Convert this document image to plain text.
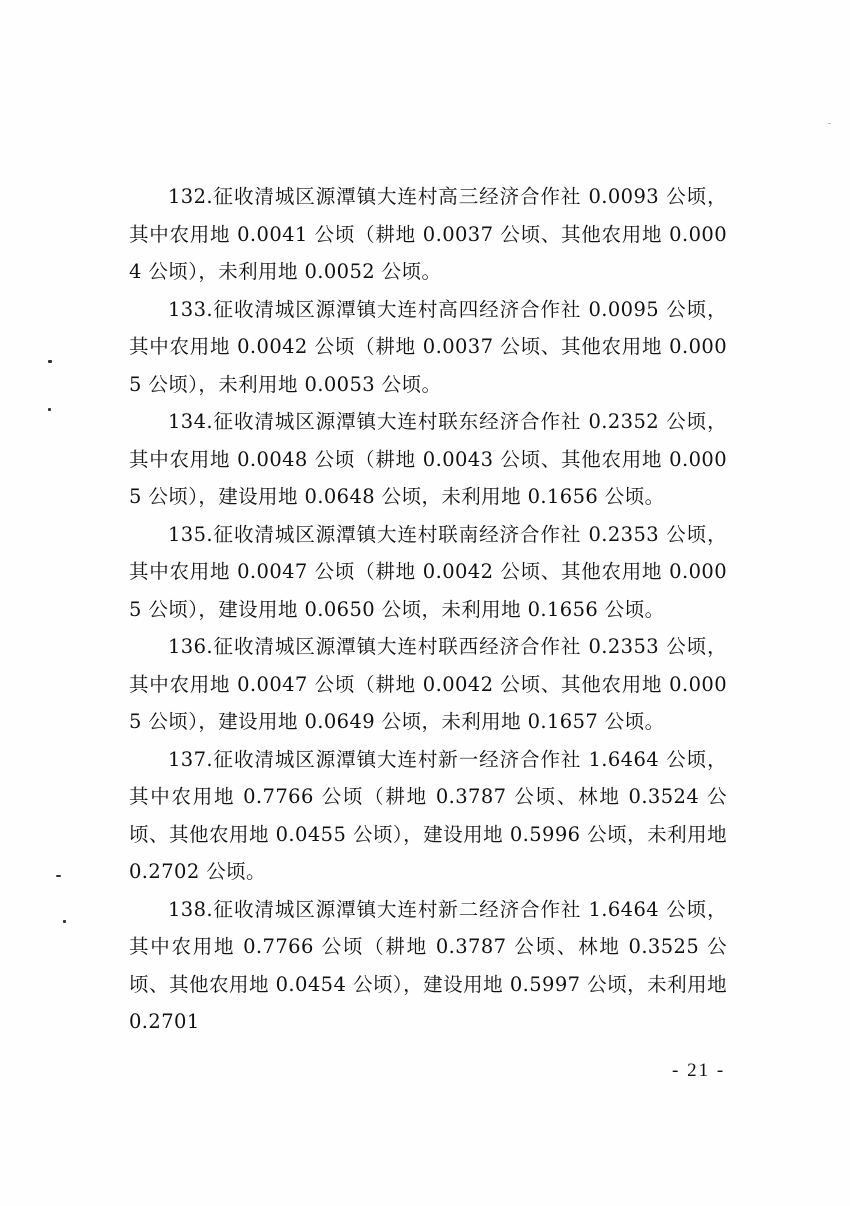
132.征收清城区源潭镇大连村高三经济合作社 0.0093 公顷，其中农用地 0.0041 公顷（耕地 0.0037 公顷、其他农用地 0.0004 公顷），未利用地 0.0052 公顷。

133.征收清城区源潭镇大连村高四经济合作社 0.0095 公顷，其中农用地 0.0042 公顷（耕地 0.0037 公顷、其他农用地 0.0005 公顷），未利用地 0.0053 公顷。

134.征收清城区源潭镇大连村联东经济合作社 0.2352 公顷，其中农用地 0.0048 公顷（耕地 0.0043 公顷、其他农用地 0.0005 公顷），建设用地 0.0648 公顷，未利用地 0.1656 公顷。

135.征收清城区源潭镇大连村联南经济合作社 0.2353 公顷，其中农用地 0.0047 公顷（耕地 0.0042 公顷、其他农用地 0.0005 公顷），建设用地 0.0650 公顷，未利用地 0.1656 公顷。

136.征收清城区源潭镇大连村联西经济合作社 0.2353 公顷，其中农用地 0.0047 公顷（耕地 0.0042 公顷、其他农用地 0.0005 公顷），建设用地 0.0649 公顷，未利用地 0.1657 公顷。

137.征收清城区源潭镇大连村新一经济合作社 1.6464 公顷，其中农用地 0.7766 公顷（耕地 0.3787 公顷、林地 0.3524 公顷、其他农用地 0.0455 公顷），建设用地 0.5996 公顷，未利用地 0.2702 公顷。

138.征收清城区源潭镇大连村新二经济合作社 1.6464 公顷，其中农用地 0.7766 公顷（耕地 0.3787 公顷、林地 0.3525 公顷、其他农用地 0.0454 公顷），建设用地 0.5997 公顷，未利用地 0.2701

- 21 -
